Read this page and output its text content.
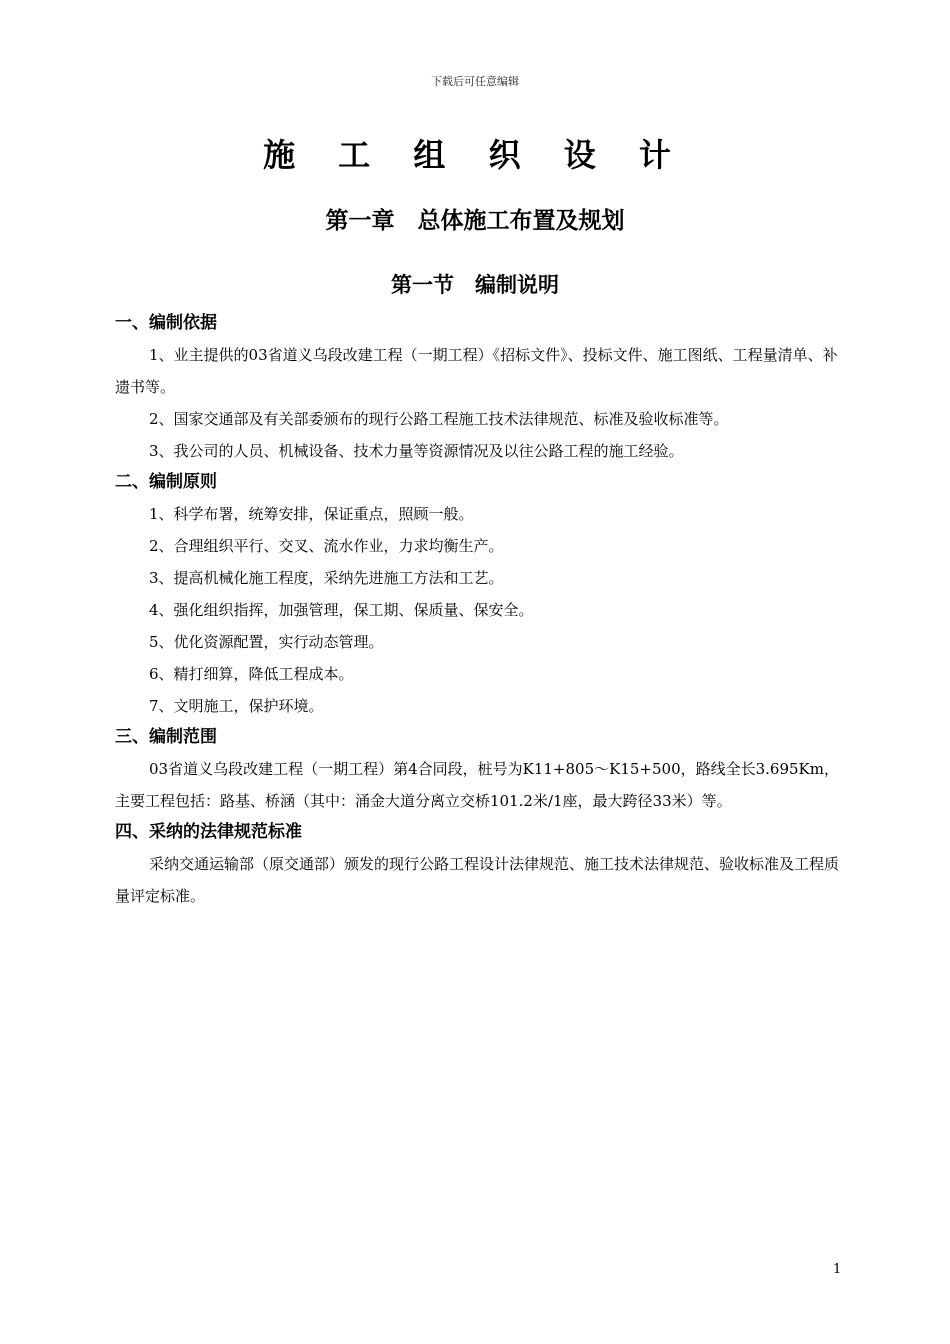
下载后可任意编辑
施 工 组 织 设 计
第一章　总体施工布置及规划
第一节　编制说明
一、编制依据

1、业主提供的03省道义乌段改建工程（一期工程）《招标文件》、投标文件、施工图纸、工程量清单、补遗书等。

2、国家交通部及有关部委颁布的现行公路工程施工技术法律规范、标准及验收标准等。

3、我公司的人员、机械设备、技术力量等资源情况及以往公路工程的施工经验。

二、编制原则

1、科学布署，统筹安排，保证重点，照顾一般。

2、合理组织平行、交叉、流水作业，力求均衡生产。

3、提高机械化施工程度，采纳先进施工方法和工艺。

4、强化组织指挥，加强管理，保工期、保质量、保安全。

5、优化资源配置，实行动态管理。

6、精打细算，降低工程成本。

7、文明施工，保护环境。

三、编制范围

03省道义乌段改建工程（一期工程）第4合同段，桩号为K11+805～K15+500，路线全长3.695Km，主要工程包括：路基、桥涵（其中：涌金大道分离立交桥101.2米/1座，最大跨径33米）等。

四、采纳的法律规范标准

采纳交通运输部（原交通部）颁发的现行公路工程设计法律规范、施工技术法律规范、验收标准及工程质量评定标准。

1
